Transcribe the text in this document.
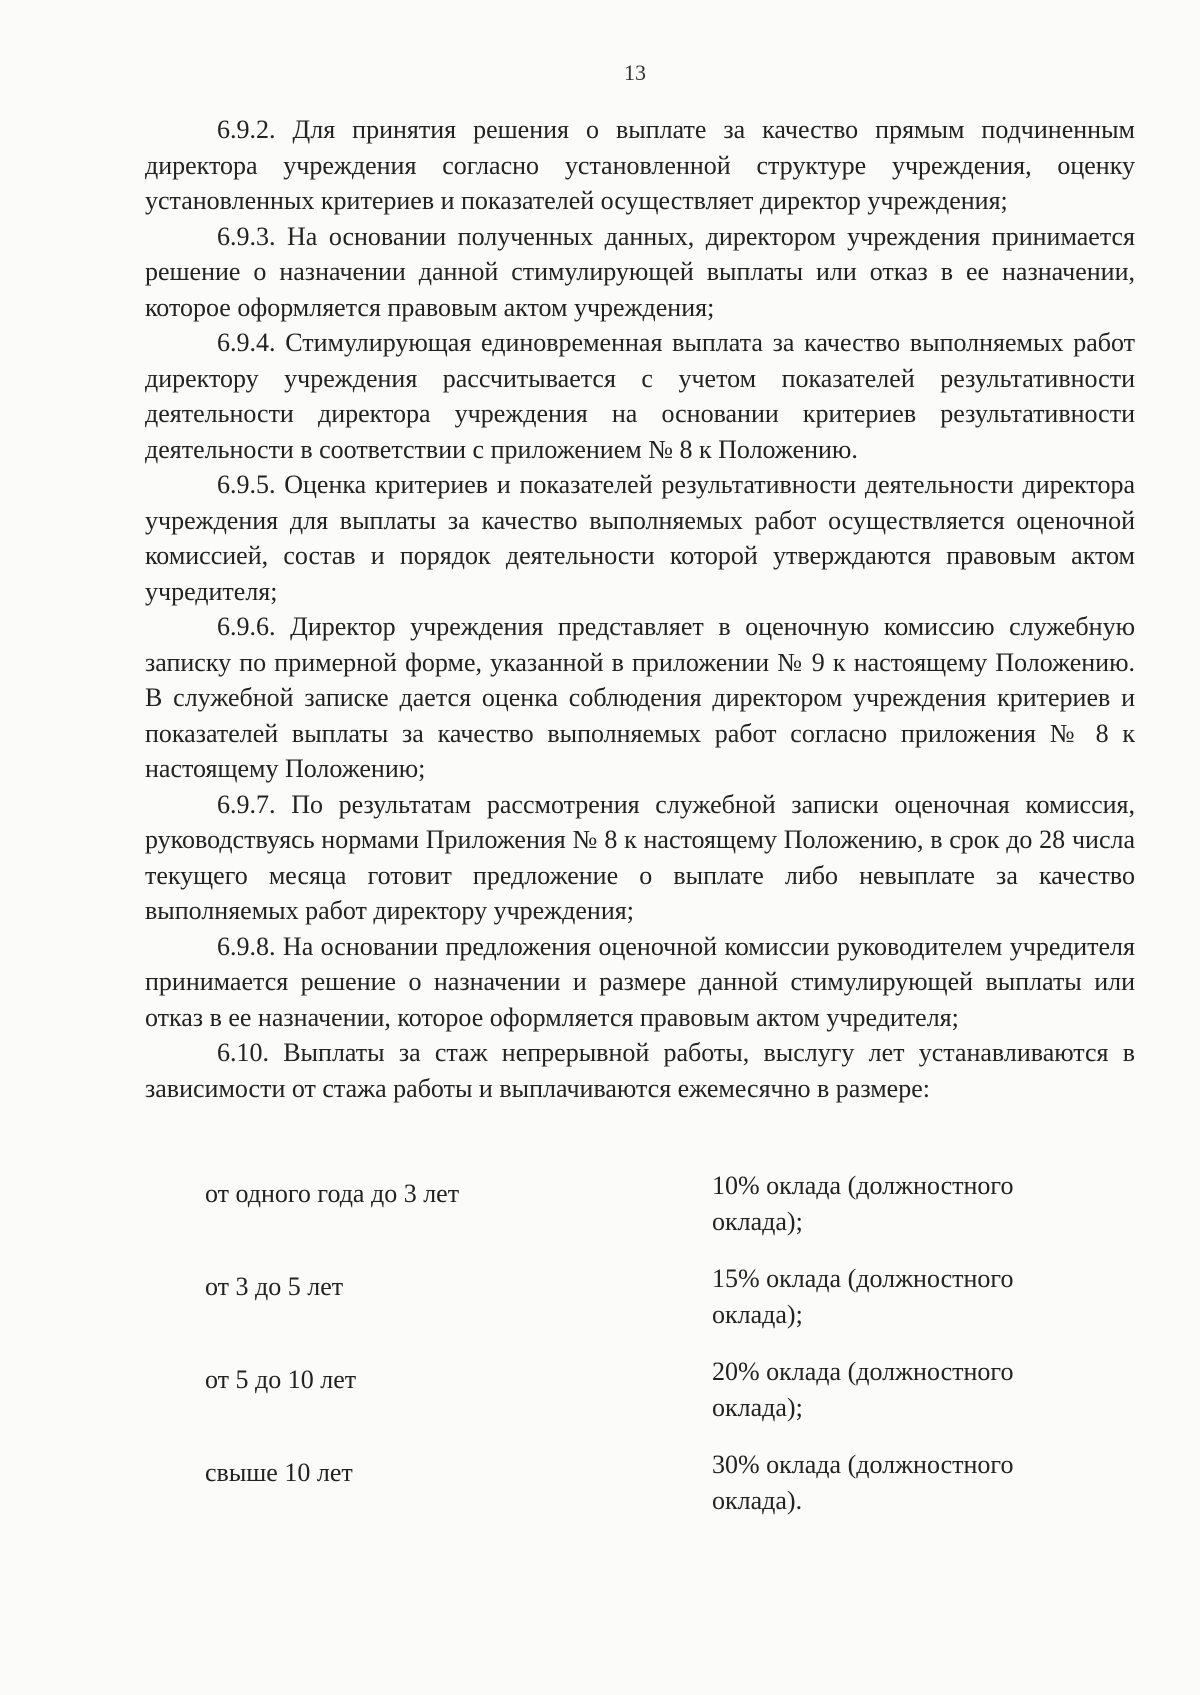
13

6.9.2. Для принятия решения о выплате за качество прямым подчиненным директора учреждения согласно установленной структуре учреждения, оценку установленных критериев и показателей осуществляет директор учреждения;

6.9.3. На основании полученных данных, директором учреждения принимается решение о назначении данной стимулирующей выплаты или отказ в ее назначении, которое оформляется правовым актом учреждения;

6.9.4. Стимулирующая единовременная выплата за качество выполняемых работ директору учреждения рассчитывается с учетом показателей результативности деятельности директора учреждения на основании критериев результативности деятельности в соответствии с приложением № 8 к Положению.

6.9.5. Оценка критериев и показателей результативности деятельности директора учреждения для выплаты за качество выполняемых работ осуществляется оценочной комиссией, состав и порядок деятельности которой утверждаются правовым актом учредителя;

6.9.6. Директор учреждения представляет в оценочную комиссию служебную записку по примерной форме, указанной в приложении № 9 к настоящему Положению. В служебной записке дается оценка соблюдения директором учреждения критериев и показателей выплаты за качество выполняемых работ согласно приложения № 8 к настоящему Положению;

6.9.7. По результатам рассмотрения служебной записки оценочная комиссия, руководствуясь нормами Приложения № 8 к настоящему Положению, в срок до 28 числа текущего месяца готовит предложение о выплате либо невыплате за качество выполняемых работ директору учреждения;

6.9.8. На основании предложения оценочной комиссии руководителем учредителя принимается решение о назначении и размере данной стимулирующей выплаты или отказ в ее назначении, которое оформляется правовым актом учредителя;

6.10. Выплаты за стаж непрерывной работы, выслугу лет устанавливаются в зависимости от стажа работы и выплачиваются ежемесячно в размере:

от одного года до 3 лет	10% оклада (должностного оклада);
от 3 до 5 лет	15% оклада (должностного оклада);
от 5 до 10 лет	20% оклада (должностного оклада);
свыше 10 лет	30% оклада (должностного оклада).
